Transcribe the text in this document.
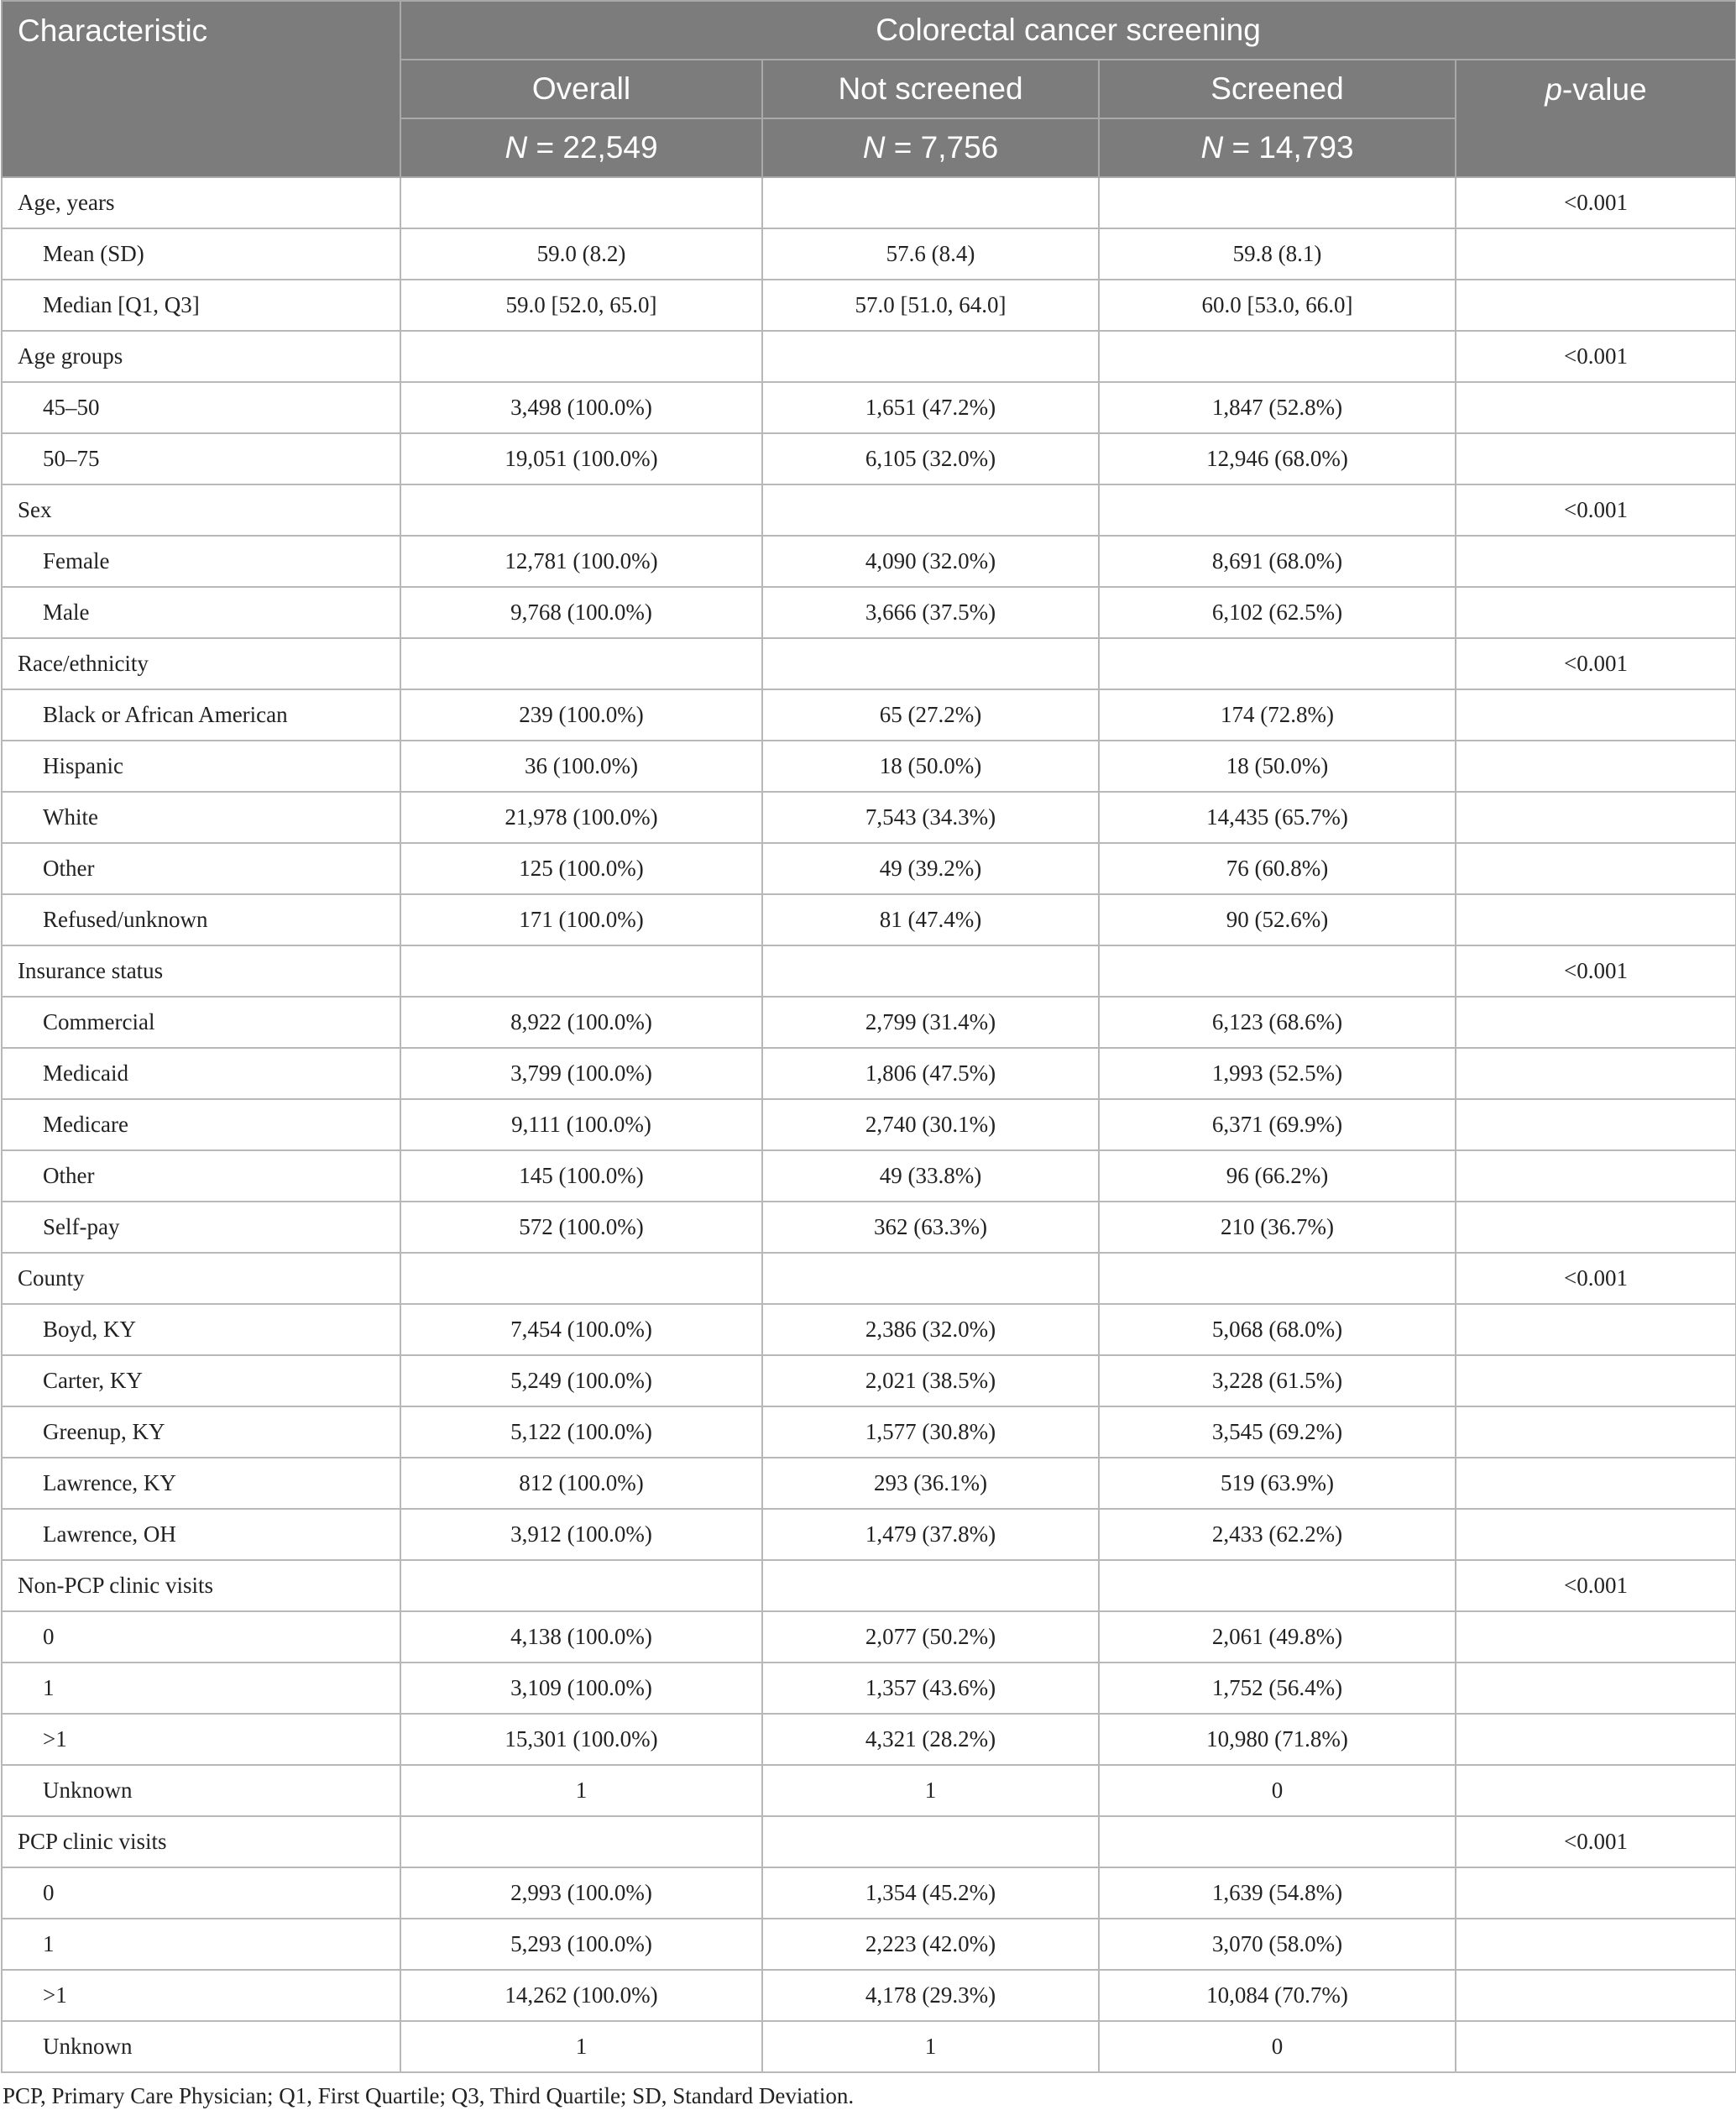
Characteristic	Colorectal cancer screening			
	Overall	Not screened	Screened	p-value
	N = 22,549	N = 7,756	N = 14,793	
Age, years				<0.001
Mean (SD)	59.0 (8.2)	57.6 (8.4)	59.8 (8.1)	
Median [Q1, Q3]	59.0 [52.0, 65.0]	57.0 [51.0, 64.0]	60.0 [53.0, 66.0]	
Age groups				<0.001
45–50	3,498 (100.0%)	1,651 (47.2%)	1,847 (52.8%)	
50–75	19,051 (100.0%)	6,105 (32.0%)	12,946 (68.0%)	
Sex				<0.001
Female	12,781 (100.0%)	4,090 (32.0%)	8,691 (68.0%)	
Male	9,768 (100.0%)	3,666 (37.5%)	6,102 (62.5%)	
Race/ethnicity				<0.001
Black or African American	239 (100.0%)	65 (27.2%)	174 (72.8%)	
Hispanic	36 (100.0%)	18 (50.0%)	18 (50.0%)	
White	21,978 (100.0%)	7,543 (34.3%)	14,435 (65.7%)	
Other	125 (100.0%)	49 (39.2%)	76 (60.8%)	
Refused/unknown	171 (100.0%)	81 (47.4%)	90 (52.6%)	
Insurance status				<0.001
Commercial	8,922 (100.0%)	2,799 (31.4%)	6,123 (68.6%)	
Medicaid	3,799 (100.0%)	1,806 (47.5%)	1,993 (52.5%)	
Medicare	9,111 (100.0%)	2,740 (30.1%)	6,371 (69.9%)	
Other	145 (100.0%)	49 (33.8%)	96 (66.2%)	
Self-pay	572 (100.0%)	362 (63.3%)	210 (36.7%)	
County				<0.001
Boyd, KY	7,454 (100.0%)	2,386 (32.0%)	5,068 (68.0%)	
Carter, KY	5,249 (100.0%)	2,021 (38.5%)	3,228 (61.5%)	
Greenup, KY	5,122 (100.0%)	1,577 (30.8%)	3,545 (69.2%)	
Lawrence, KY	812 (100.0%)	293 (36.1%)	519 (63.9%)	
Lawrence, OH	3,912 (100.0%)	1,479 (37.8%)	2,433 (62.2%)	
Non-PCP clinic visits				<0.001
0	4,138 (100.0%)	2,077 (50.2%)	2,061 (49.8%)	
1	3,109 (100.0%)	1,357 (43.6%)	1,752 (56.4%)	
>1	15,301 (100.0%)	4,321 (28.2%)	10,980 (71.8%)	
Unknown	1	1	0	
PCP clinic visits				<0.001
0	2,993 (100.0%)	1,354 (45.2%)	1,639 (54.8%)	
1	5,293 (100.0%)	2,223 (42.0%)	3,070 (58.0%)	
>1	14,262 (100.0%)	4,178 (29.3%)	10,084 (70.7%)	
Unknown	1	1	0	
PCP, Primary Care Physician; Q1, First Quartile; Q3, Third Quartile; SD, Standard Deviation.
